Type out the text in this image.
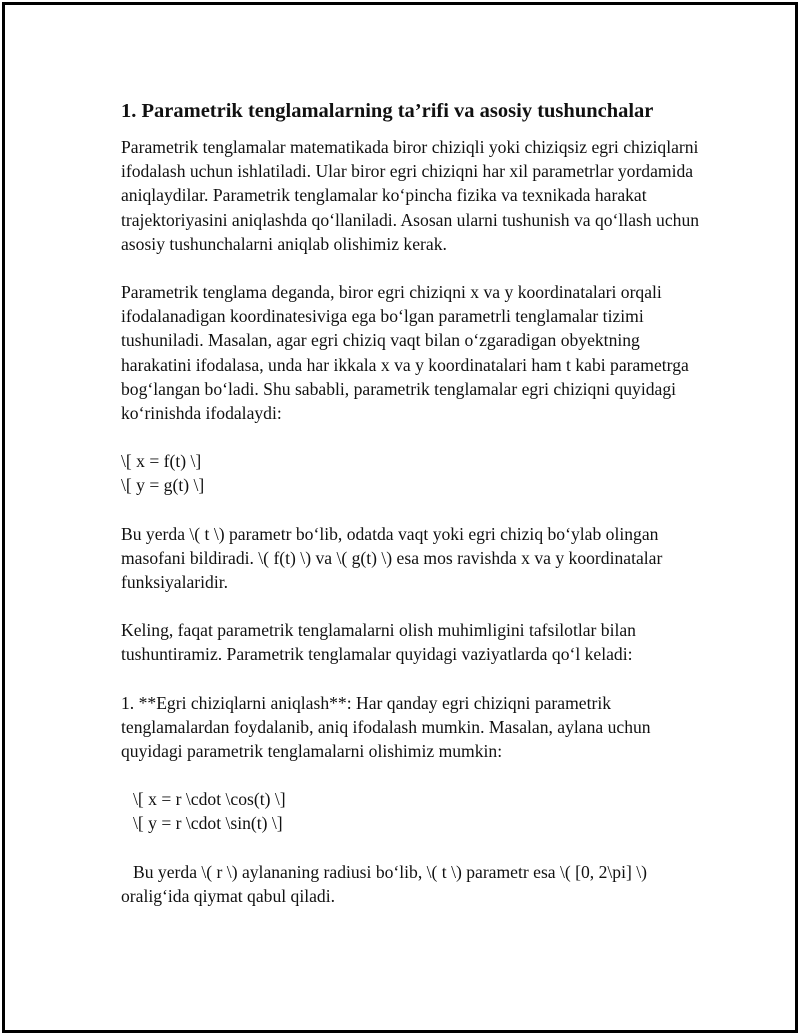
1. Parametrik tenglamalarning ta’rifi va asosiy tushunchalar

Parametrik tenglamalar matematikada biror chiziqli yoki chiziqsiz egri chiziqlarni ifodalash uchun ishlatiladi. Ular biror egri chiziqni har xil parametrlar yordamida aniqlaydilar. Parametrik tenglamalar ko‘pincha fizika va texnikada harakat trajektoriyasini aniqlashda qo‘llaniladi. Asosan ularni tushunish va qo‘llash uchun asosiy tushunchalarni aniqlab olishimiz kerak.

Parametrik tenglama deganda, biror egri chiziqni x va y koordinatalari orqali ifodalanadigan koordinatesiviga ega bo‘lgan parametrli tenglamalar tizimi tushuniladi. Masalan, agar egri chiziq vaqt bilan o‘zgaradigan obyektning harakatini ifodalasa, unda har ikkala x va y koordinatalari ham t kabi parametrga bog‘langan bo‘ladi. Shu sababli, parametrik tenglamalar egri chiziqni quyidagi ko‘rinishda ifodalaydi:

\[ x = f(t) \]
\[ y = g(t) \]

Bu yerda \( t \) parametr bo‘lib, odatda vaqt yoki egri chiziq bo‘ylab olingan masofani bildiradi. \( f(t) \) va \( g(t) \) esa mos ravishda x va y koordinatalar funksiyalaridir.

Keling, faqat parametrik tenglamalarni olish muhimligini tafsilotlar bilan tushuntiramiz. Parametrik tenglamalar quyidagi vaziyatlarda qo‘l keladi:

1. **Egri chiziqlarni aniqlash**: Har qanday egri chiziqni parametrik tenglamalardan foydalanib, aniq ifodalash mumkin. Masalan, aylana uchun quyidagi parametrik tenglamalarni olishimiz mumkin:

\[ x = r \cdot \cos(t) \]
\[ y = r \cdot \sin(t) \]

Bu yerda \( r \) aylananing radiusi bo‘lib, \( t \) parametr esa \( [0, 2\pi] \) oralig‘ida qiymat qabul qiladi.
